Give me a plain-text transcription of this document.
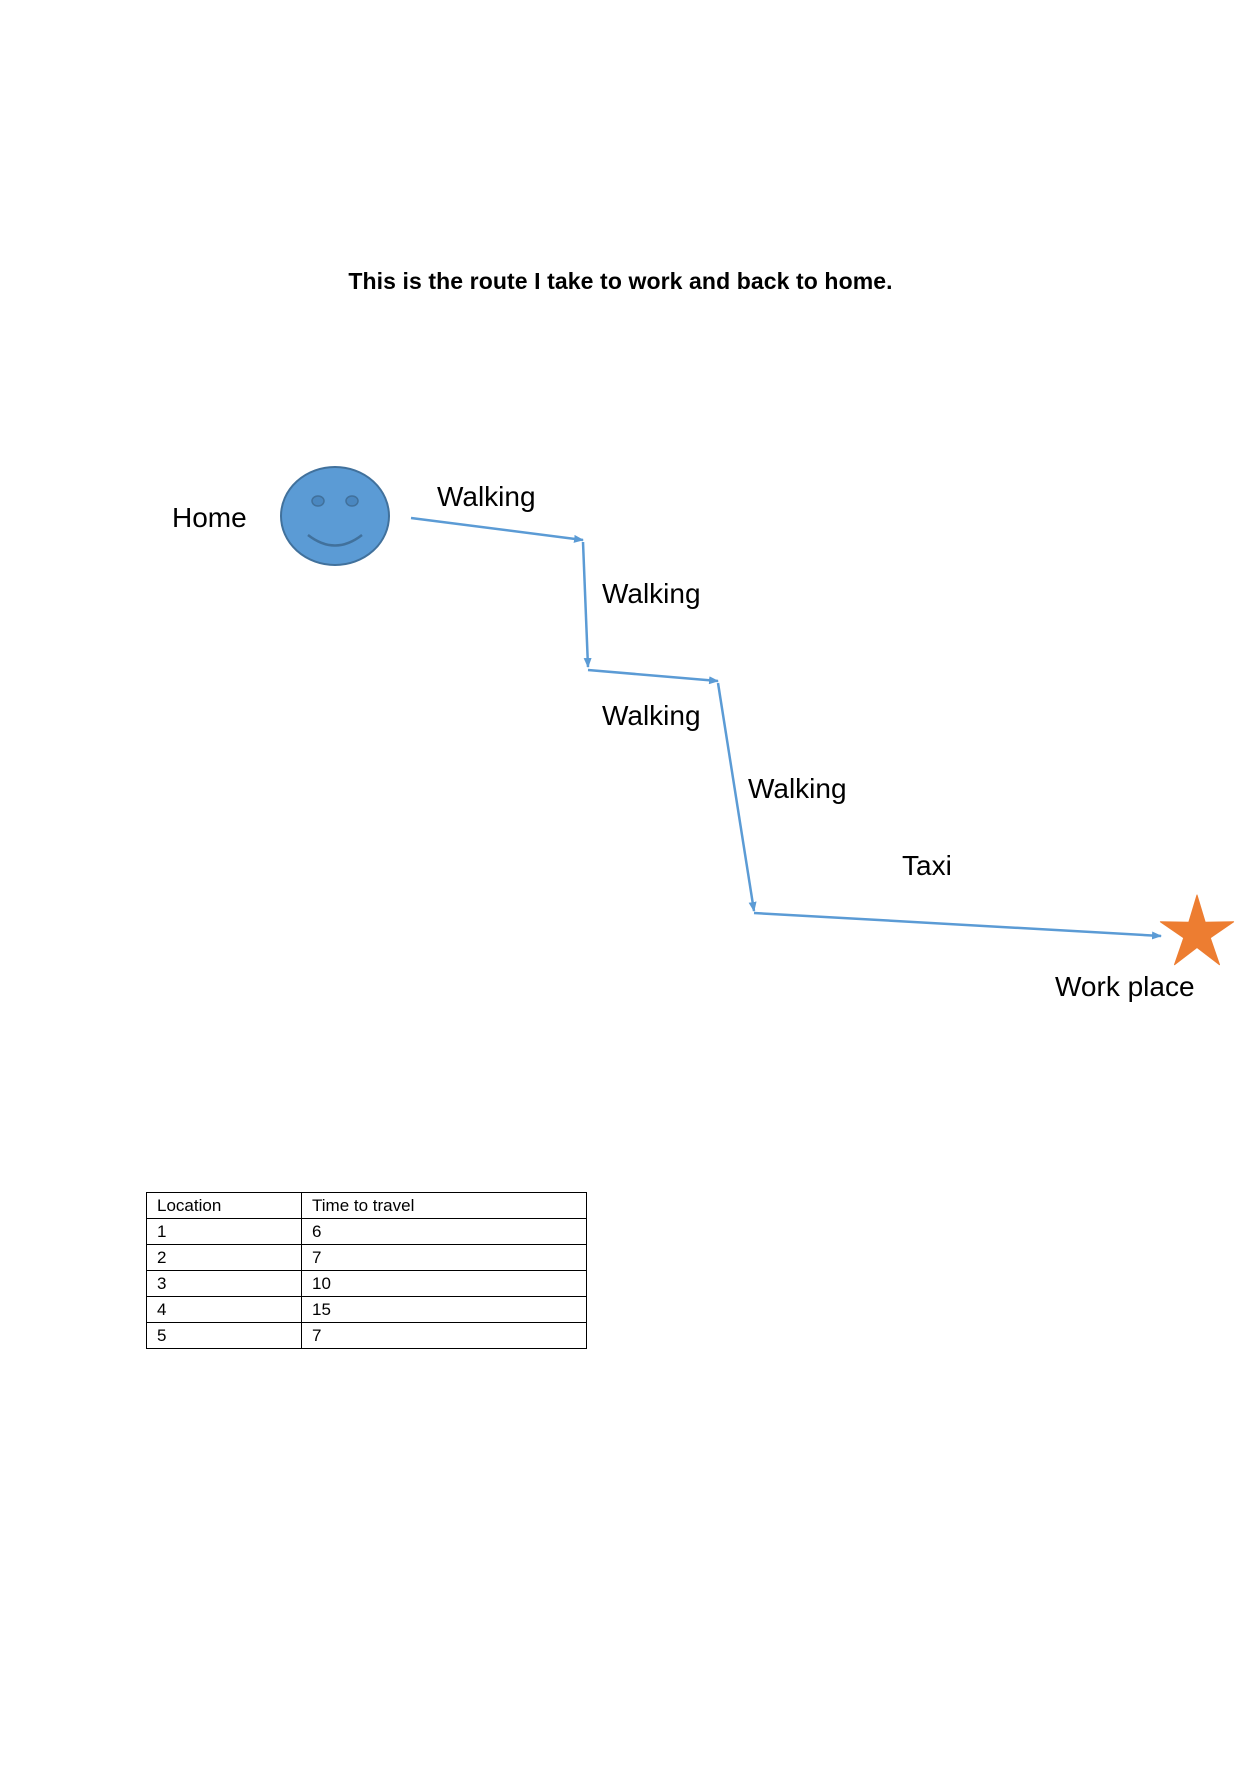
This is the route I take to work and back to home.
Home
Walking
Walking
Walking
Walking
Taxi
Work place
Location	Time to travel
1	6
2	7
3	10
4	15
5	7
